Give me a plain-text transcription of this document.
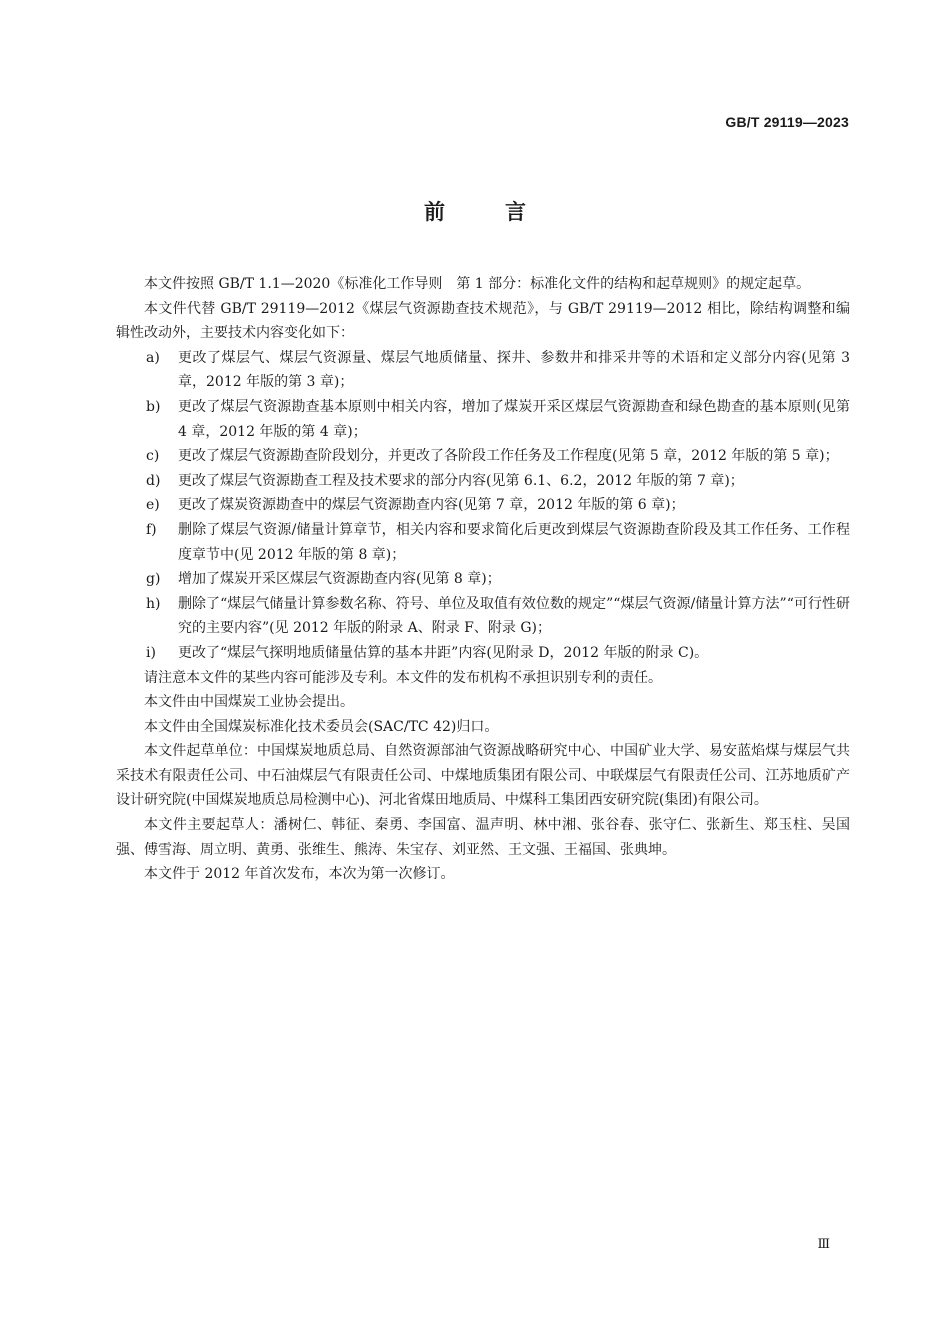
GB/T 29119—2023
前言

本文件按照 GB/T 1.1—2020《标准化工作导则　第 1 部分：标准化文件的结构和起草规则》的规定起草。

本文件代替 GB/T 29119—2012《煤层气资源勘查技术规范》，与 GB/T 29119—2012 相比，除结构调整和编辑性改动外，主要技术内容变化如下：

a) 更改了煤层气、煤层气资源量、煤层气地质储量、探井、参数井和排采井等的术语和定义部分内容(见第 3 章，2012 年版的第 3 章)；
b) 更改了煤层气资源勘查基本原则中相关内容，增加了煤炭开采区煤层气资源勘查和绿色勘查的基本原则(见第 4 章，2012 年版的第 4 章)；
c) 更改了煤层气资源勘查阶段划分，并更改了各阶段工作任务及工作程度(见第 5 章，2012 年版的第 5 章)；
d) 更改了煤层气资源勘查工程及技术要求的部分内容(见第 6.1、6.2，2012 年版的第 7 章)；
e) 更改了煤炭资源勘查中的煤层气资源勘查内容(见第 7 章，2012 年版的第 6 章)；
f) 删除了煤层气资源/储量计算章节，相关内容和要求简化后更改到煤层气资源勘查阶段及其工作任务、工作程度章节中(见 2012 年版的第 8 章)；
g) 增加了煤炭开采区煤层气资源勘查内容(见第 8 章)；
h) 删除了“煤层气储量计算参数名称、符号、单位及取值有效位数的规定”“煤层气资源/储量计算方法”“可行性研究的主要内容”(见 2012 年版的附录 A、附录 F、附录 G)；
i) 更改了“煤层气探明地质储量估算的基本井距”内容(见附录 D，2012 年版的附录 C)。

请注意本文件的某些内容可能涉及专利。本文件的发布机构不承担识别专利的责任。

本文件由中国煤炭工业协会提出。

本文件由全国煤炭标准化技术委员会(SAC/TC 42)归口。

本文件起草单位：中国煤炭地质总局、自然资源部油气资源战略研究中心、中国矿业大学、易安蓝焰煤与煤层气共采技术有限责任公司、中石油煤层气有限责任公司、中煤地质集团有限公司、中联煤层气有限责任公司、江苏地质矿产设计研究院(中国煤炭地质总局检测中心)、河北省煤田地质局、中煤科工集团西安研究院(集团)有限公司。

本文件主要起草人：潘树仁、韩征、秦勇、李国富、温声明、林中湘、张谷春、张守仁、张新生、郑玉柱、吴国强、傅雪海、周立明、黄勇、张维生、熊涛、朱宝存、刘亚然、王文强、王福国、张典坤。

本文件于 2012 年首次发布，本次为第一次修订。

Ⅲ
